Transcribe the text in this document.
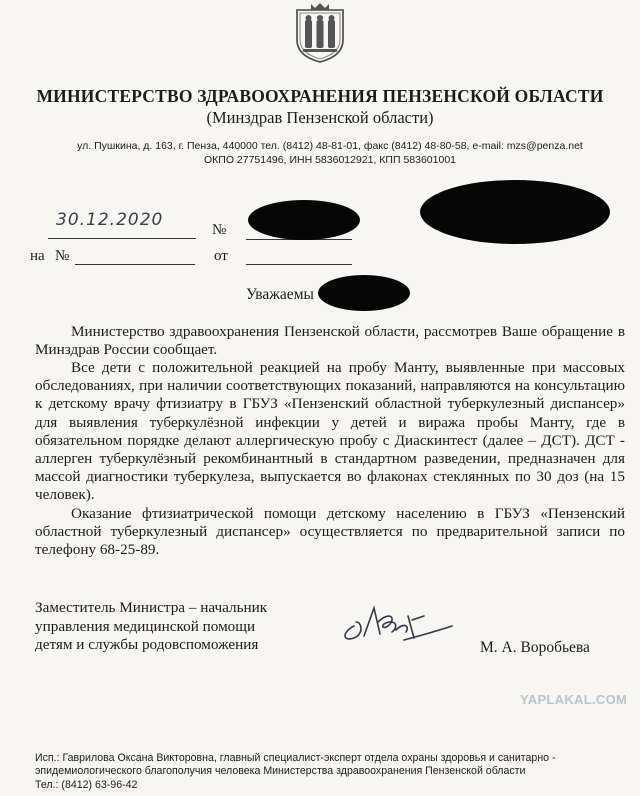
МИНИСТЕРСТВО ЗДРАВООХРАНЕНИЯ ПЕНЗЕНСКОЙ ОБЛАСТИ
(Минздрав Пензенской области)
ул. Пушкина, д. 163, г. Пенза, 440000 тел. (8412) 48-81-01, факс (8412) 48-80-58, e-mail: mzs@penza.net
ОКПО 27751496, ИНН 5836012921, КПП 583601001
30.12.2020	№
на №	от
Уважаемы
Министерство здравоохранения Пензенской области, рассмотрев Ваше обращение в Минздрав России сообщает.
Все дети с положительной реакцией на пробу Манту, выявленные при массовых обследованиях, при наличии соответствующих показаний, направляются на консультацию к детскому врачу фтизиатру в ГБУЗ «Пензенский областной туберкулезный диспансер» для выявления туберкулёзной инфекции у детей и виража пробы Манту, где в обязательном порядке делают аллергическую пробу с Диаскинтест (далее – ДСТ). ДСТ - аллерген туберкулёзный рекомбинантный в стандартном разведении, предназначен для массой диагностики туберкулеза, выпускается во флаконах стеклянных по 30 доз (на 15 человек).
Оказание фтизиатрической помощи детскому населению в ГБУЗ «Пензенский областной туберкулезный диспансер» осуществляется по предварительной записи по телефону 68-25-89.
Заместитель Министра – начальник
управления медицинской помощи
детям и службы родовспоможения	М. А. Воробьева
YAPLAKAL.COM
Исп.: Гаврилова Оксана Викторовна, главный специалист-эксперт отдела охраны здоровья и санитарно -
эпидемиологического благополучия человека Министерства здравоохранения Пензенской области
Тел.: (8412) 63-96-42
